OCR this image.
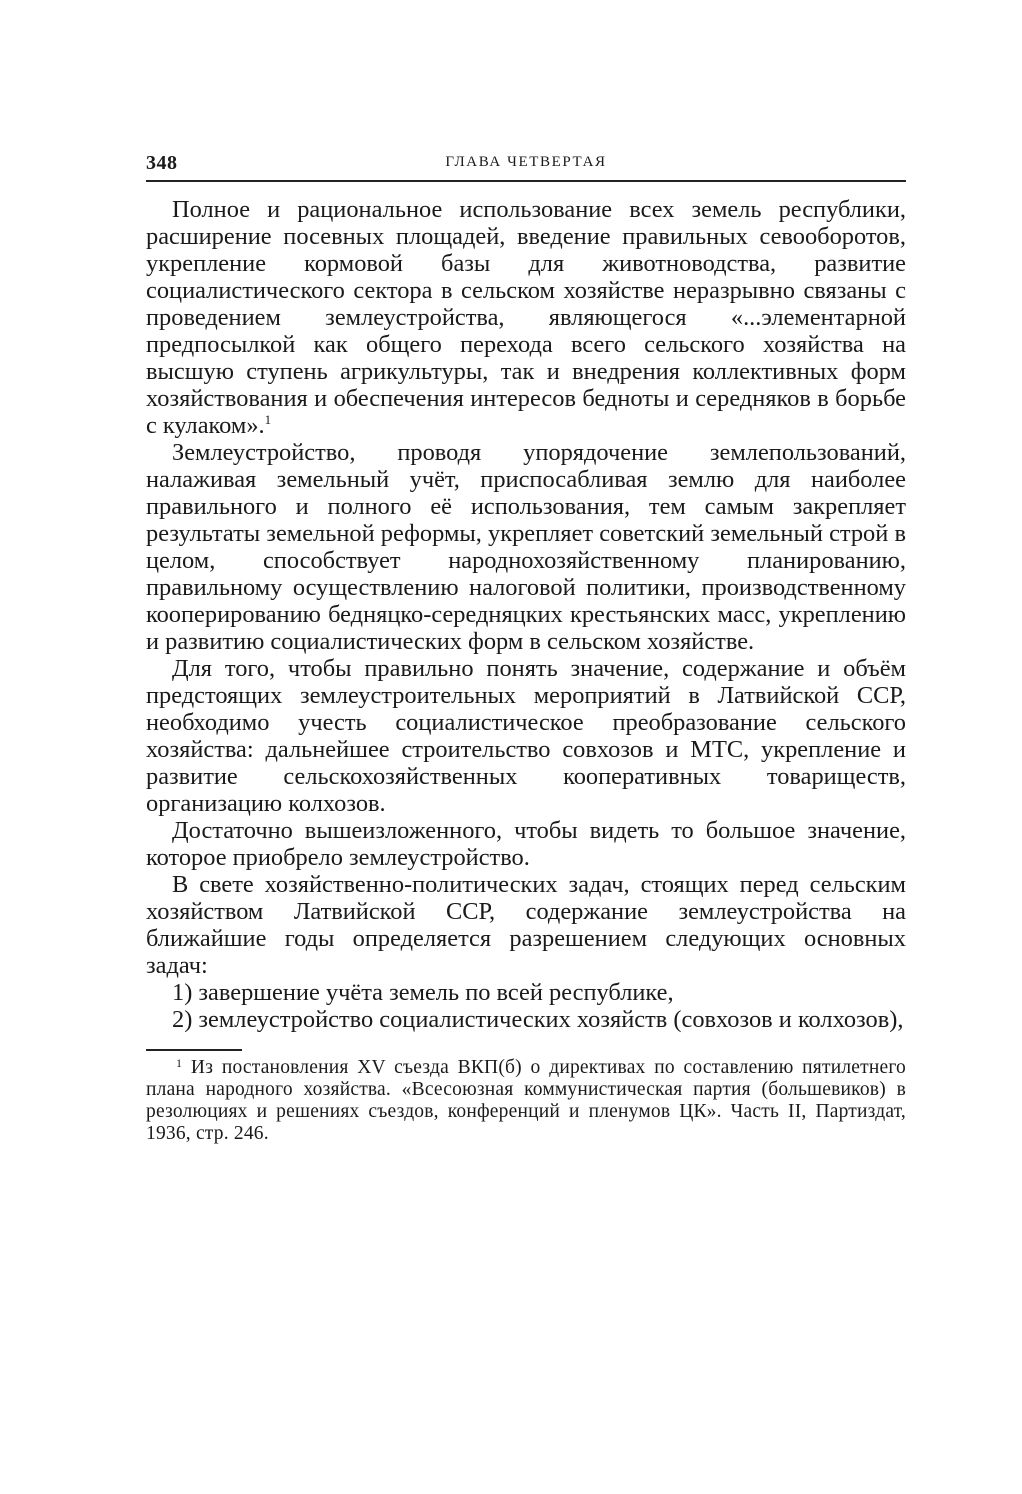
348	ГЛАВА ЧЕТВЕРТАЯ

Полное и рациональное использование всех земель республики, расширение посевных площадей, введение правильных севооборотов, укрепление кормовой базы для животноводства, развитие социалистического сектора в сельском хозяйстве неразрывно связаны с проведением землеустройства, являющегося «...элементарной предпосылкой как общего перехода всего сельского хозяйства на высшую ступень агрикультуры, так и внедрения коллективных форм хозяйствования и обеспечения интересов бедноты и середняков в борьбе с кулаком».$^1$

Землеустройство, проводя упорядочение землепользований, налаживая земельный учёт, приспосабливая землю для наиболее правильного и полного её использования, тем самым закрепляет результаты земельной реформы, укрепляет советский земельный строй в целом, способствует народнохозяйственному планированию, правильному осуществлению налоговой политики, производственному кооперированию бедняцко-середняцких крестьянских масс, укреплению и развитию социалистических форм в сельском хозяйстве.

Для того, чтобы правильно понять значение, содержание и объём предстоящих землеустроительных мероприятий в Латвийской ССР, необходимо учесть социалистическое преобразование сельского хозяйства: дальнейшее строительство совхозов и МТС, укрепление и развитие сельскохозяйственных кооперативных товариществ, организацию колхозов.

Достаточно вышеизложенного, чтобы видеть то большое значение, которое приобрело землеустройство.

В свете хозяйственно-политических задач, стоящих перед сельским хозяйством Латвийской ССР, содержание землеустройства на ближайшие годы определяется разрешением следующих основных задач:

1) завершение учёта земель по всей республике,

2) землеустройство социалистических хозяйств (совхозов и колхозов),

$^1$ Из постановления XV съезда ВКП(б) о директивах по составлению пятилетнего плана народного хозяйства. «Всесоюзная коммунистическая партия (большевиков) в резолюциях и решениях съездов, конференций и пленумов ЦК». Часть II, Партиздат, 1936, стр. 246.
